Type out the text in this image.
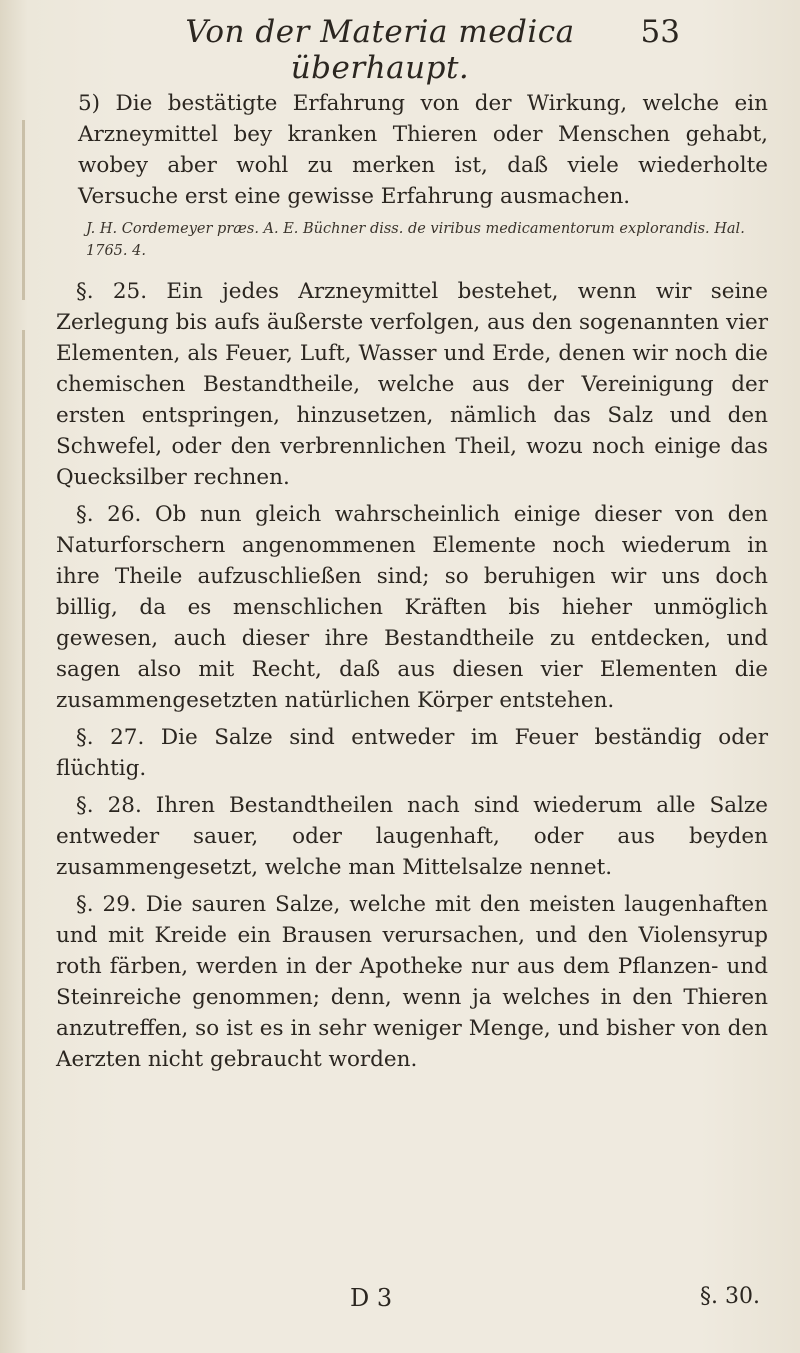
Von der Materia medica überhaupt.
53

5) Die bestätigte Erfahrung von der Wirkung, welche ein Arzneymittel bey kranken Thieren oder Menschen gehabt, wobey aber wohl zu merken ist, daß viele wiederholte Versuche erst eine gewisse Erfahrung ausmachen.

J. H. Cordemeyer præs. A. E. Büchner diss. de viribus medicamentorum explorandis. Hal. 1765. 4.

§. 25. Ein jedes Arzneymittel bestehet, wenn wir seine Zerlegung bis aufs äußerste verfolgen, aus den sogenannten vier Elementen, als Feuer, Luft, Wasser und Erde, denen wir noch die chemischen Bestandtheile, welche aus der Vereinigung der ersten entspringen, hinzusetzen, nämlich das Salz und den Schwefel, oder den verbrennlichen Theil, wozu noch einige das Quecksilber rechnen.

§. 26. Ob nun gleich wahrscheinlich einige dieser von den Naturforschern angenommenen Elemente noch wiederum in ihre Theile aufzuschließen sind; so beruhigen wir uns doch billig, da es menschlichen Kräften bis hieher unmöglich gewesen, auch dieser ihre Bestandtheile zu entdecken, und sagen also mit Recht, daß aus diesen vier Elementen die zusammengesetzten natürlichen Körper entstehen.

§. 27. Die Salze sind entweder im Feuer beständig oder flüchtig.

§. 28. Ihren Bestandtheilen nach sind wiederum alle Salze entweder sauer, oder laugenhaft, oder aus beyden zusammengesetzt, welche man Mittelsalze nennet.

§. 29. Die sauren Salze, welche mit den meisten laugenhaften und mit Kreide ein Brausen verursachen, und den Violensyrup roth färben, werden in der Apotheke nur aus dem Pflanzen- und Steinreiche genommen; denn, wenn ja welches in den Thieren anzutreffen, so ist es in sehr weniger Menge, und bisher von den Aerzten nicht gebraucht worden.

D 3	§. 30.
